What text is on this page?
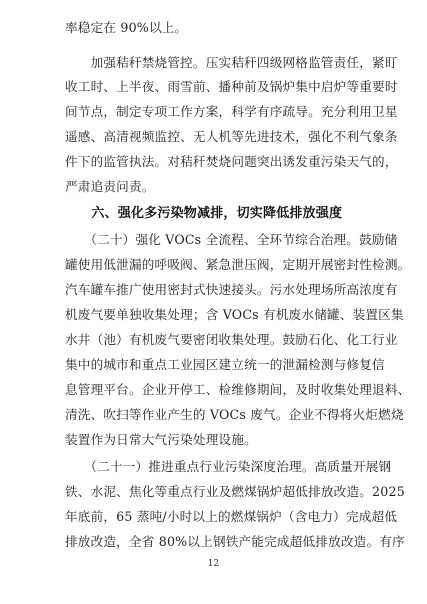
率稳定在 90%以上。
　　加强秸秆禁烧管控。压实秸秆四级网格监管责任，紧盯
收工时、上半夜、雨雪前、播种前及锅炉集中启炉等重要时
间节点，制定专项工作方案，科学有序疏导。充分利用卫星
遥感、高清视频监控、无人机等先进技术，强化不利气象条
件下的监管执法。对秸秆焚烧问题突出诱发重污染天气的，
严肃追责问责。
　　六、强化多污染物减排，切实降低排放强度
　　（二十）强化 VOCs 全流程、全环节综合治理。鼓励储
罐使用低泄漏的呼吸阀、紧急泄压阀，定期开展密封性检测。
汽车罐车推广使用密封式快速接头。污水处理场所高浓度有
机废气要单独收集处理；含 VOCs 有机废水储罐、装置区集
水井（池）有机废气要密闭收集处理。鼓励石化、化工行业
集中的城市和重点工业园区建立统一的泄漏检测与修复信
息管理平台。企业开停工、检维修期间，及时收集处理退料、
清洗、吹扫等作业产生的 VOCs 废气。企业不得将火炬燃烧
装置作为日常大气污染处理设施。
　　（二十一）推进重点行业污染深度治理。高质量开展钢
铁、水泥、焦化等重点行业及燃煤锅炉超低排放改造。2025
年底前，65 蒸吨/小时以上的燃煤锅炉（含电力）完成超低
排放改造，全省 80%以上钢铁产能完成超低排放改造。有序
12
